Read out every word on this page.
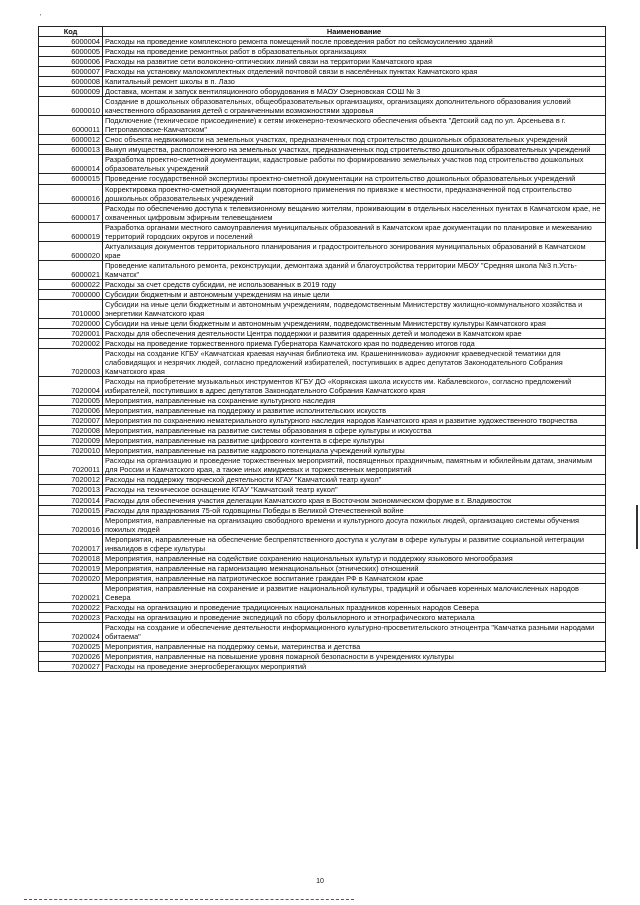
'
Код	Наименование
6000004	Расходы на проведение комплексного ремонта помещений после проведения работ по сейсмоусилению зданий
6000005	Расходы на проведение ремонтных работ в образовательных организациях
6000006	Расходы на развитие сети волоконно-оптических линий связи на территории Камчатского края
6000007	Расходы на установку малокомплектных отделений почтовой связи в населённых пунктах Камчатского края
6000008	Капитальный ремонт школы в п. Лазо
6000009	Доставка, монтаж и запуск вентиляционного оборудования в МАОУ Озерновская СОШ № 3
6000010	Создание в дошкольных образовательных, общеобразовательных организациях, организациях дополнительного образования условий качественного образования детей с ограниченными возможностями здоровья
6000011	Подключение (техническое присоединение) к сетям инженерно-технического обеспечения объекта "Детский сад по ул. Арсеньева в г. Петропавловске-Камчатском"
6000012	Снос объекта недвижимости на земельных участках, предназначенных под строительство дошкольных образовательных учреждений
6000013	Выкуп имущества, расположенного на земельных участках, предназначенных под строительство дошкольных образовательных учреждений
6000014	Разработка проектно-сметной документации, кадастровые работы по формированию земельных участков под строительство дошкольных образовательных учреждений
6000015	Проведение государственной экспертизы проектно-сметной документации на строительство дошкольных образовательных учреждений
6000016	Корректировка проектно-сметной документации повторного применения по привязке к местности, предназначенной под строительство дошкольных образовательных учреждений
6000017	Расходы по обеспечению доступа к телевизионному вещанию жителям, проживающим в отдельных населенных пунктах в Камчатском крае, не охваченных цифровым эфирным телевещанием
6000019	Разработка органами местного самоуправления муниципальных образований в Камчатском крае документации по планировке и межеванию территорий городских округов и поселений
6000020	Актуализация документов территориального планирования и градостроительного зонирования муниципальных образований в Камчатском крае
6000021	Проведение капитального ремонта, реконструкции, демонтажа зданий и благоустройства территории МБОУ "Средняя школа №3 п.Усть-Камчатск"
6000022	Расходы за счет средств субсидии, не использованных в 2019 году
7000000	Субсидии бюджетным и автономным учреждениям на иные цели
7010000	Субсидии на иные цели бюджетным и автономным учреждениям, подведомственным Министерству жилищно-коммунального хозяйства и энергетики Камчатского края
7020000	Субсидии на иные цели бюджетным и автономным учреждениям, подведомственным Министерству культуры Камчатского края
7020001	Расходы для обеспечения деятельности Центра поддержки и развития одаренных детей и молодежи в Камчатском крае
7020002	Расходы на проведение торжественного приема Губернатора Камчатского края по подведению итогов года
7020003	Расходы на создание КГБУ «Камчатская краевая научная библиотека им. Крашенинникова» аудиокниг краеведческой тематики для слабовидящих и незрячих людей, согласно предложений избирателей, поступивших в адрес депутатов Законодательного Собрания Камчатского края
7020004	Расходы на приобретение музыкальных инструментов КГБУ ДО «Корякская школа искусств им. Кабалевского», согласно предложений избирателей, поступивших в адрес депутатов Законодательного Собрания Камчатского края
7020005	Мероприятия, направленные на сохранение культурного наследия
7020006	Мероприятия, направленные на поддержку и развитие исполнительских искусств
7020007	Мероприятия по сохранению нематериального культурного наследия народов Камчатского края и развитие художественного творчества
7020008	Мероприятия, направленные на развитие системы образования в сфере культуры и искусства
7020009	Мероприятия, направленные на развитие цифрового контента в сфере культуры
7020010	Мероприятия, направленные на развитие кадрового потенциала учреждений культуры
7020011	Расходы на организацию и проведение торжественных мероприятий, посвященных праздничным, памятным и юбилейным датам, значимым для России и Камчатского края, а также иных имиджевых и торжественных мероприятий
7020012	Расходы на поддержку творческой деятельности КГАУ "Камчатский театр кукол"
7020013	Расходы на техническое оснащение КГАУ "Камчатский театр кукол"
7020014	Расходы для обеспечения участия делегации Камчатского края в Восточном экономическом форуме в г. Владивосток
7020015	Расходы для празднования 75-ой годовщины Победы в Великой Отечественной войне
7020016	Мероприятия, направленные на организацию свободного времени и культурного досуга пожилых людей, организацию системы обучения пожилых людей
7020017	Мероприятия, направленные на обеспечение беспрепятственного доступа к услугам в сфере культуры и развитие социальной интеграции инвалидов в сфере культуры
7020018	Мероприятия, направленные на содействие сохранению национальных культур и поддержку языкового многообразия
7020019	Мероприятия, направленные на гармонизацию межнациональных (этнических) отношений
7020020	Мероприятия, направленные на патриотическое воспитание граждан РФ в Камчатском крае
7020021	Мероприятия, направленные на сохранение и развитие национальной культуры, традиций и обычаев коренных малочисленных народов Севера
7020022	Расходы на организацию и проведение традиционных национальных праздников коренных народов Севера
7020023	Расходы на организацию и проведение экспедиций по сбору фольклорного и этнографического материала
7020024	Расходы на создание и обеспечение деятельности информационного культурно-просветительского этноцентра "Камчатка разными народами обитаема"
7020025	Мероприятия, направленные на поддержку семьи, материнства и детства
7020026	Мероприятия, направленные на повышение уровня пожарной безопасности в учреждениях культуры
7020027	Расходы на проведение энергосберегающих мероприятий
10
